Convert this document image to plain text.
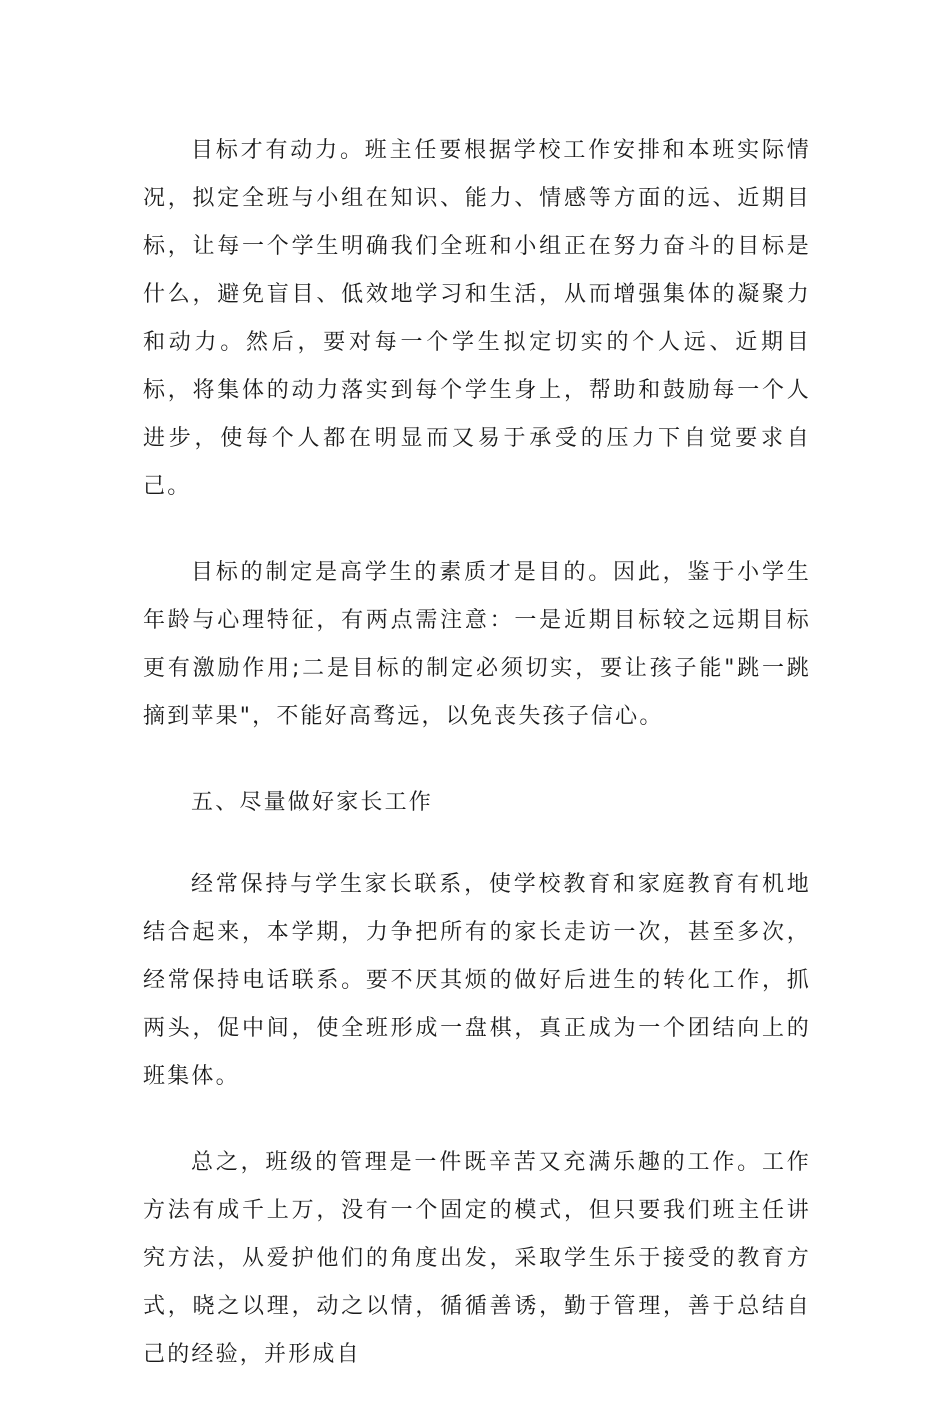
目标才有动力。班主任要根据学校工作安排和本班实际情况，拟定全班与小组在知识、能力、情感等方面的远、近期目标，让每一个学生明确我们全班和小组正在努力奋斗的目标是什么，避免盲目、低效地学习和生活，从而增强集体的凝聚力和动力。然后，要对每一个学生拟定切实的个人远、近期目标，将集体的动力落实到每个学生身上，帮助和鼓励每一个人进步，使每个人都在明显而又易于承受的压力下自觉要求自己。

目标的制定是高学生的素质才是目的。因此，鉴于小学生年龄与心理特征，有两点需注意：一是近期目标较之远期目标更有激励作用;二是目标的制定必须切实，要让孩子能"跳一跳摘到苹果"，不能好高骛远，以免丧失孩子信心。

五、尽量做好家长工作

经常保持与学生家长联系，使学校教育和家庭教育有机地结合起来，本学期，力争把所有的家长走访一次，甚至多次，经常保持电话联系。要不厌其烦的做好后进生的转化工作，抓两头，促中间，使全班形成一盘棋，真正成为一个团结向上的班集体。

总之，班级的管理是一件既辛苦又充满乐趣的工作。工作方法有成千上万，没有一个固定的模式，但只要我们班主任讲究方法，从爱护他们的角度出发，采取学生乐于接受的教育方式，晓之以理，动之以情，循循善诱，勤于管理，善于总结自己的经验，并形成自
